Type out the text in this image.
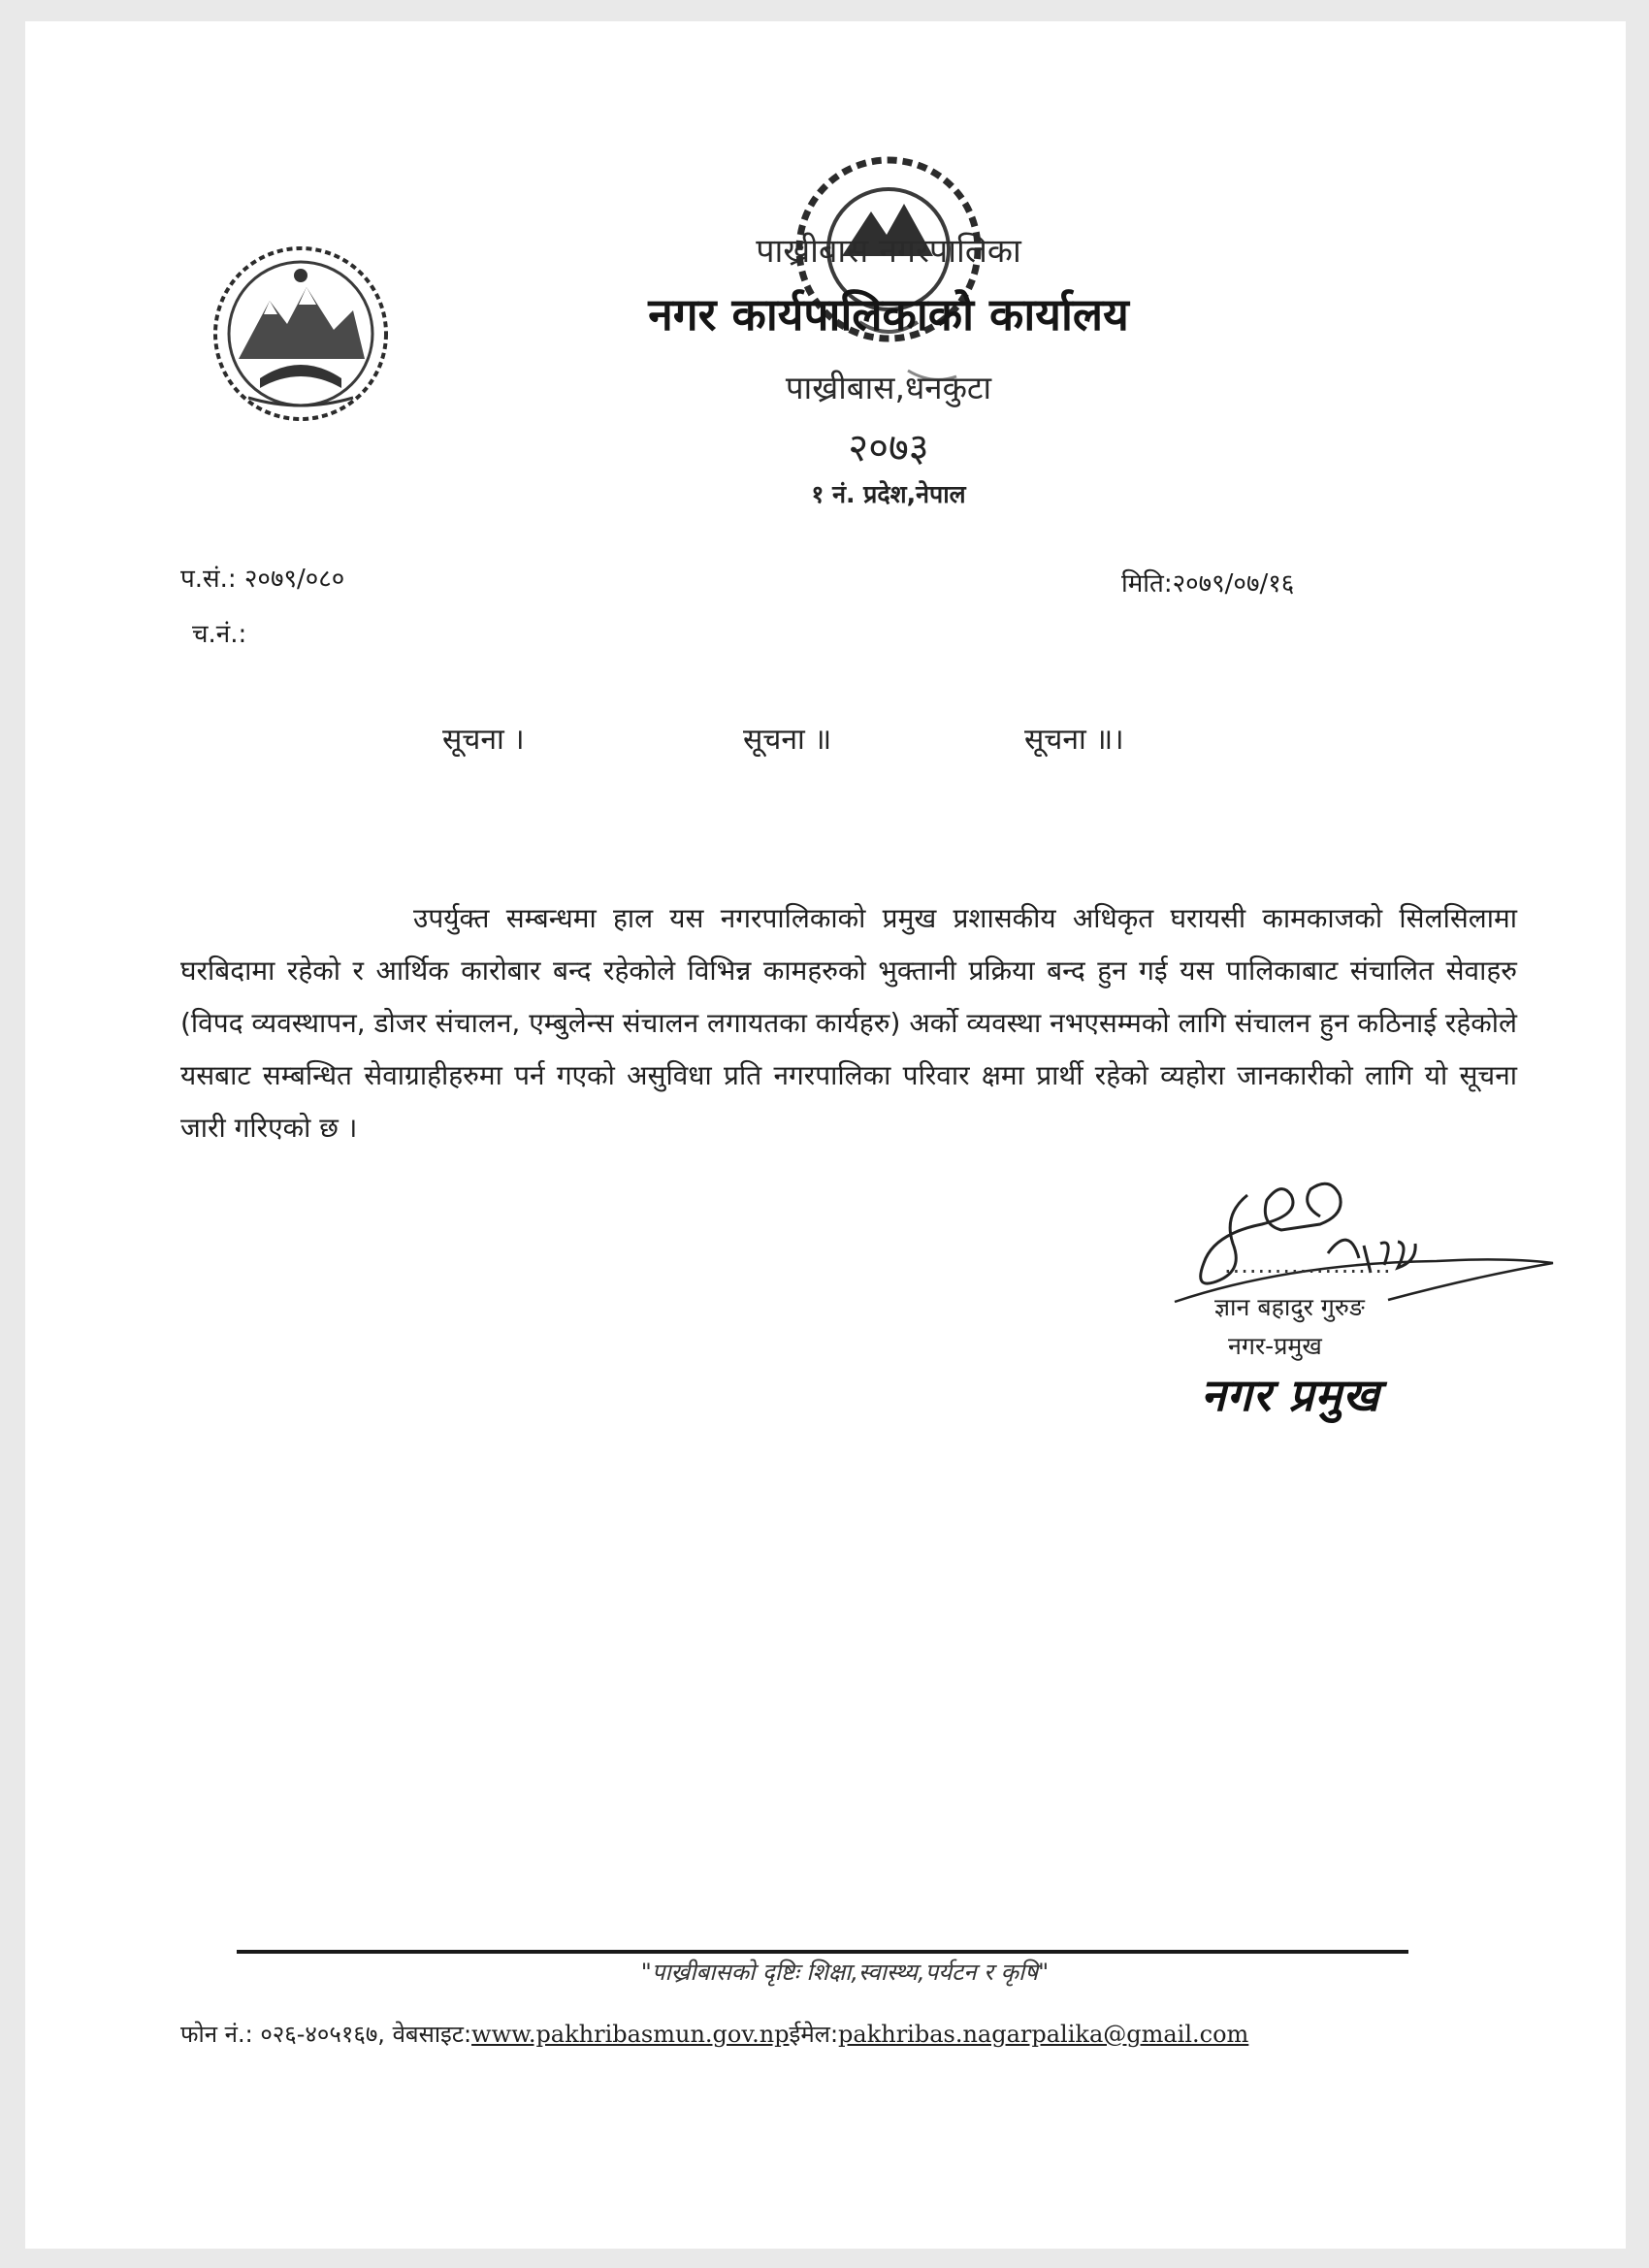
पाख्रीबास नगरपालिका
नगर कार्यपालिकाको कार्यालय
पाख्रीबास,धनकुटा
२०७३
१ नं. प्रदेश,नेपाल
प.सं.: २०७९/०८०
च.नं.:
मिति:२०७९/०७/१६
सूचना ।	सूचना ॥	सूचना ॥।
उपर्युक्त सम्बन्धमा हाल यस नगरपालिकाको प्रमुख प्रशासकीय अधिकृत घरायसी कामकाजको सिलसिलामा घरबिदामा रहेको र आर्थिक कारोबार बन्द रहेकोले विभिन्न कामहरुको भुक्तानी प्रक्रिया बन्द हुन गई यस पालिकाबाट संचालित सेवाहरु (विपद व्यवस्थापन, डोजर संचालन, एम्बुलेन्स संचालन लगायतका कार्यहरु) अर्को व्यवस्था नभएसम्मको लागि संचालन हुन कठिनाई रहेकोले यसबाट सम्बन्धित सेवाग्राहीहरुमा पर्न गएको असुविधा प्रति नगरपालिका परिवार क्षमा प्रार्थी रहेको व्यहोरा जानकारीको लागि यो सूचना जारी गरिएको छ ।
....................
ज्ञान बहादुर गुरुङ
नगर-प्रमुख
नगर प्रमुख
"पाख्रीबासको दृष्टिः शिक्षा,स्वास्थ्य,पर्यटन र कृषि"
फोन नं.: ०२६-४०५१६७, वेबसाइट:www.pakhribasmun.gov.npईमेल:pakhribas.nagarpalika@gmail.com
